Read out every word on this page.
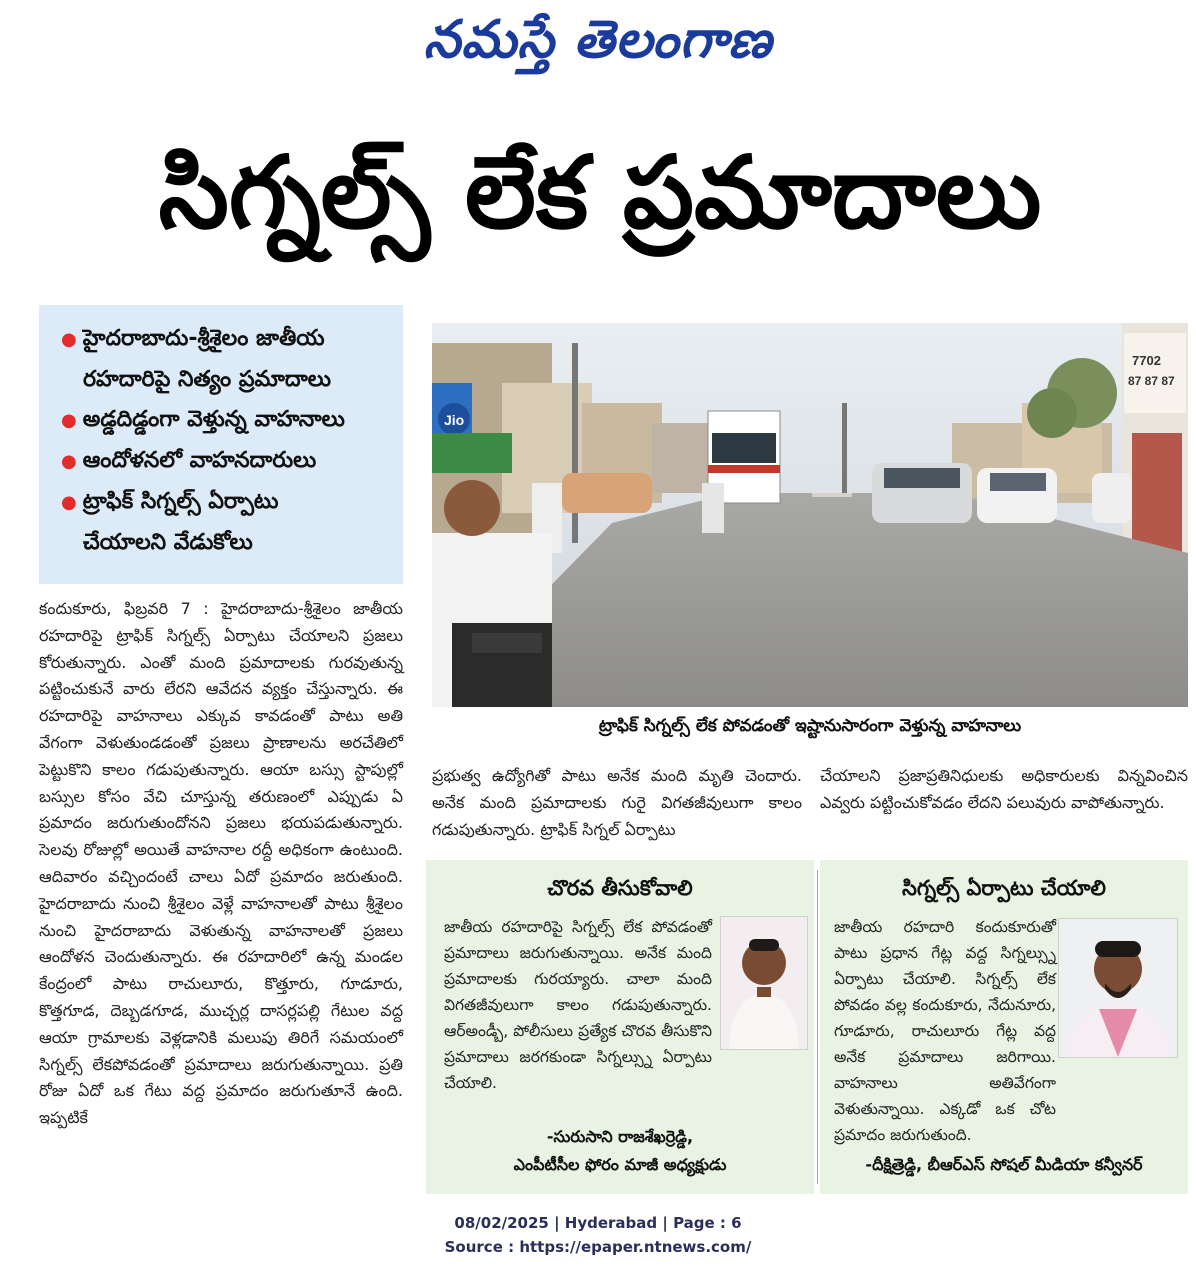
నమస్తే తెలంగాణ
సిగ్నల్స్ లేక ప్రమాదాలు
● హైదరాబాదు-శ్రీశైలం జాతీయ
రహదారిపై నిత్యం ప్రమాదాలు
● అడ్డదిడ్డంగా వెళ్తున్న వాహనాలు
● ఆందోళనలో వాహనదారులు
● ట్రాఫిక్ సిగ్నల్స్ ఏర్పాటు
చేయాలని వేడుకోలు

కందుకూరు, ఫిబ్రవరి 7 : హైదరాబాదు-శ్రీశైలం జాతీయ రహదారిపై ట్రాఫిక్ సిగ్నల్స్ ఏర్పాటు చేయాలని ప్రజలు కోరుతున్నారు. ఎంతో మంది ప్రమాదాలకు గురవుతున్న పట్టించుకునే వారు లేరని ఆవేదన వ్యక్తం చేస్తున్నారు. ఈ రహదారిపై వాహనాలు ఎక్కువ కావడంతో పాటు అతి వేగంగా వెళుతుండడంతో ప్రజలు ప్రాణాలను అరచేతిలో పెట్టుకొని కాలం గడుపుతున్నారు. ఆయా బస్సు స్టాపుల్లో బస్సుల కోసం వేచి చూస్తున్న తరుణంలో ఎప్పుడు ఏ ప్రమాదం జరుగుతుందోనని ప్రజలు భయపడుతున్నారు. సెలవు రోజుల్లో అయితే వాహనాల రద్దీ అధికంగా ఉంటుంది. ఆదివారం వచ్చిందంటే చాలు ఏదో ప్రమాదం జరుతుంది. హైదరాబాదు నుంచి శ్రీశైలం వెళ్లే వాహనాలతో పాటు శ్రీశైలం నుంచి హైదరాబాదు వెళుతున్న వాహనాలతో ప్రజలు ఆందోళన చెందుతున్నారు. ఈ రహదారిలో ఉన్న మండల కేంద్రంలో పాటు రాచులూరు, కొత్తూరు, గూడూరు, కొత్తగూడ, దెబ్బడగూడ, ముచ్చర్ల దాసర్లపల్లి గేటుల వద్ద ఆయా గ్రామాలకు వెళ్లడానికి మలుపు తిరిగే సమయంలో సిగ్నల్స్ లేకపోవడంతో ప్రమాదాలు జరుగుతున్నాయి. ప్రతి రోజు ఏదో ఒక గేటు వద్ద ప్రమాదం జరుగుతూనే ఉంది. ఇప్పటికే

Jio
7702
87 87 87
ట్రాఫిక్ సిగ్నల్స్ లేక పోవడంతో ఇష్టానుసారంగా వెళ్తున్న వాహనాలు

ప్రభుత్వ ఉద్యోగితో పాటు అనేక మంది మృతి చెందారు. అనేక మంది ప్రమాదాలకు గురై విగతజీవులుగా కాలం గడుపుతున్నారు. ట్రాఫిక్ సిగ్నల్ ఏర్పాటు

చేయాలని ప్రజాప్రతినిధులకు అధికారులకు విన్నవించిన ఎవ్వరు పట్టించుకోవడం లేదని పలువురు వాపోతున్నారు.

చొరవ తీసుకోవాలి
జాతీయ రహదారిపై సిగ్నల్స్ లేక పోవడంతో ప్రమాదాలు జరుగుతున్నాయి. అనేక మంది ప్రమాదాలకు గురయ్యారు. చాలా మంది విగతజీవులుగా కాలం గడుపుతున్నారు. ఆర్అండ్బీ, పోలీసులు ప్రత్యేక చొరవ తీసుకొని ప్రమాదాలు జరగకుండా సిగ్నల్స్ను ఏర్పాటు చేయాలి.
-సురుసాని రాజశేఖర్రెడ్డి,
ఎంపీటీసీల ఫోరం మాజీ అధ్యక్షుడు
సిగ్నల్స్ ఏర్పాటు చేయాలి
జాతీయ రహదారి కందుకూరుతో పాటు ప్రధాన గేట్ల వద్ద సిగ్నల్స్ను ఏర్పాటు చేయాలి. సిగ్నల్స్ లేక పోవడం వల్ల కందుకూరు, నేదునూరు, గూడూరు, రాచులూరు గేట్ల వద్ద అనేక ప్రమాదాలు జరిగాయి. వాహనాలు అతివేగంగా వెళుతున్నాయి. ఎక్కడో ఒక చోట ప్రమాదం జరుగుతుంది.
-దీక్షిత్రెడ్డి, బీఆర్ఎస్ సోషల్ మీడియా కన్వీనర్
08/02/2025 | Hyderabad | Page : 6
Source : https://epaper.ntnews.com/
